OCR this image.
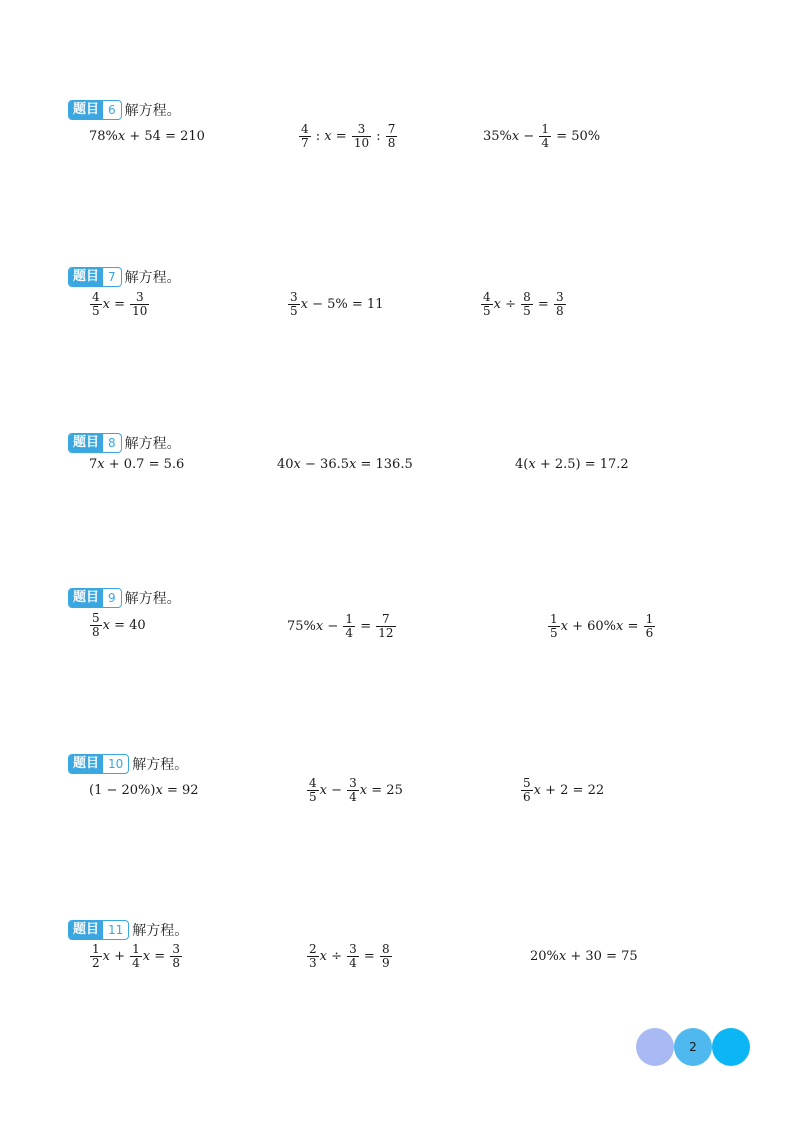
题目 6 解方程。
78% x + 54 = 210	$\frac{4}{7}$ : $x = \frac{3}{10}$ : $\frac{7}{8}$	35% $x - \frac{1}{4} = 50\%$
题目 7 解方程。
$\frac{4}{5}$ $x = \frac{3}{10}$	$\frac{3}{5}$ x − 5% = 11	$\frac{4}{5}$ $x \div \frac{8}{5} = \frac{3}{8}$
题目 8 解方程。
7 x + 0.7 = 5.6	40 x − 36.5 x = 136.5	4( x + 2.5) = 17.2
题目 9 解方程。
$\frac{5}{8}$ x = 40	75% $x - \frac{1}{4} = \frac{7}{12}$	$\frac{1}{5}$ x + 60% $x = \frac{1}{6}$
题目 10 解方程。
(1 − 20%) x = 92	$\frac{4}{5}$ $x - \frac{3}{4}$ x = 25	$\frac{5}{6}$ x + 2 = 22
题目 11 解方程。
$\frac{1}{2}$ $x + \frac{1}{4}$ $x = \frac{3}{8}$	$\frac{2}{3}$ $x \div \frac{3}{4} = \frac{8}{9}$	20% x + 30 = 75
2
